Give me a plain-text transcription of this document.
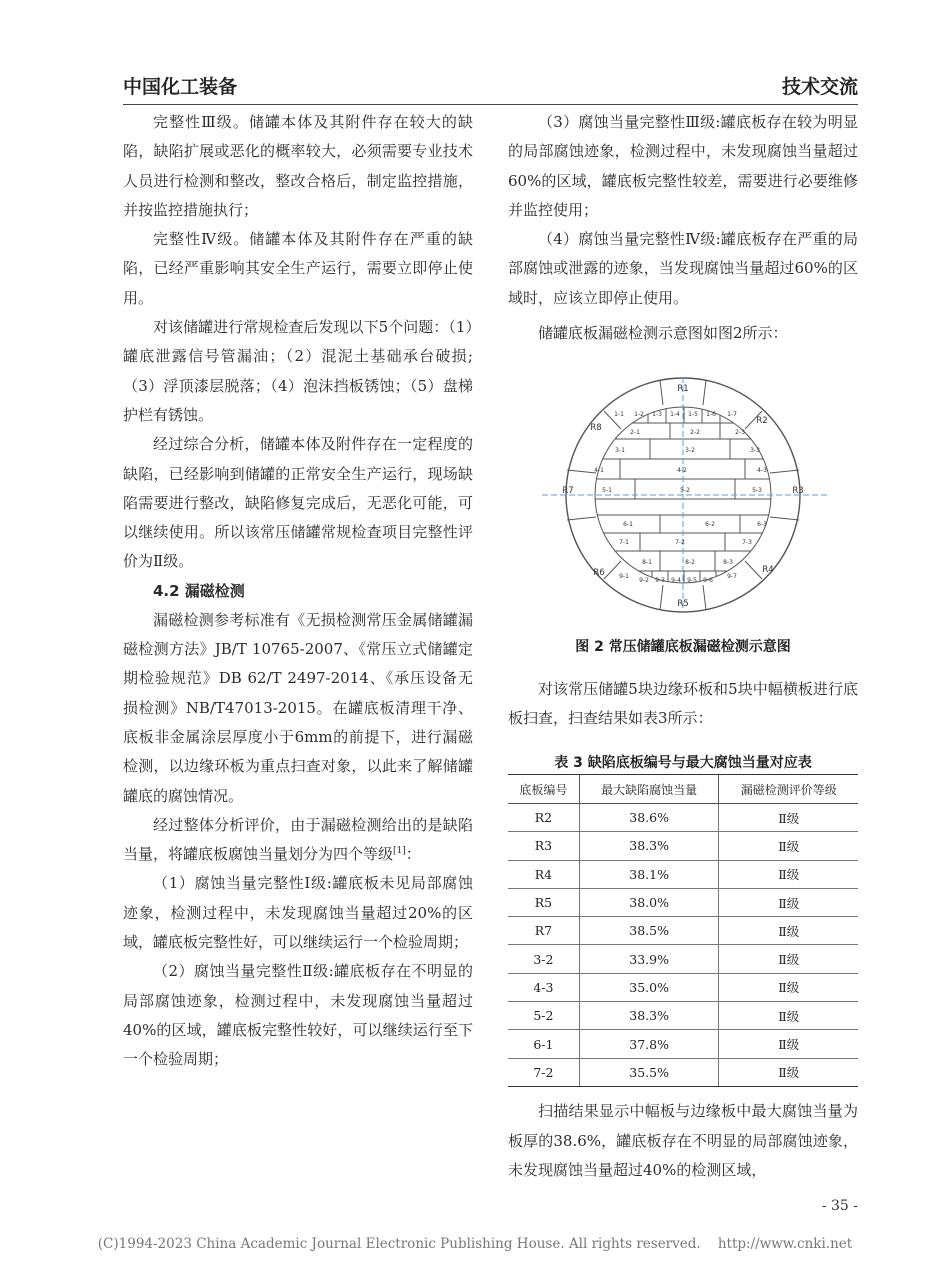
中国化工装备	技术交流

完整性Ⅲ级。储罐本体及其附件存在较大的缺陷，缺陷扩展或恶化的概率较大，必须需要专业技术人员进行检测和整改，整改合格后，制定监控措施，并按监控措施执行；

完整性Ⅳ级。储罐本体及其附件存在严重的缺陷，已经严重影响其安全生产运行，需要立即停止使用。

对该储罐进行常规检查后发现以下5个问题：（1）罐底泄露信号管漏油；（2）混泥土基础承台破损;（3）浮顶漆层脱落；（4）泡沫挡板锈蚀；（5）盘梯护栏有锈蚀。

经过综合分析，储罐本体及附件存在一定程度的缺陷，已经影响到储罐的正常安全生产运行，现场缺陷需要进行整改，缺陷修复完成后，无恶化可能，可以继续使用。所以该常压储罐常规检查项目完整性评价为Ⅱ级。

4.2 漏磁检测

漏磁检测参考标准有《无损检测常压金属储罐漏磁检测方法》JB/T 10765-2007、《常压立式储罐定期检验规范》DB 62/T 2497-2014、《承压设备无损检测》NB/T47013-2015。在罐底板清理干净、底板非金属涂层厚度小于6mm的前提下，进行漏磁检测，以边缘环板为重点扫查对象，以此来了解储罐罐底的腐蚀情况。

经过整体分析评价，由于漏磁检测给出的是缺陷当量，将罐底板腐蚀当量划分为四个等级[1]：

（1）腐蚀当量完整性Ⅰ级:罐底板未见局部腐蚀迹象，检测过程中，未发现腐蚀当量超过20%的区域，罐底板完整性好，可以继续运行一个检验周期；

（2）腐蚀当量完整性Ⅱ级:罐底板存在不明显的局部腐蚀迹象，检测过程中，未发现腐蚀当量超过40%的区域，罐底板完整性较好，可以继续运行至下一个检验周期；

（3）腐蚀当量完整性Ⅲ级:罐底板存在较为明显的局部腐蚀迹象，检测过程中，未发现腐蚀当量超过60%的区域，罐底板完整性较差，需要进行必要维修并监控使用；

（4）腐蚀当量完整性Ⅳ级:罐底板存在严重的局部腐蚀或泄露的迹象，当发现腐蚀当量超过60%的区域时，应该立即停止使用。

储罐底板漏磁检测示意图如图2所示：

R1
R2
R3
R4
R5
R6
R7
R8
1-1 1-2 1-3 1-4 1-5 1-6 1-7
2-1	2-2	2-3
3-1	3-2	3-3
4-1	4-2	4-3
5-1	5-2	5-3
6-1	6-2	6-3
7-1	7-2	7-3
8-1	8-2	8-3
9-1
9-2 9-3 9-4 9-5 9-6
9-7
图 2 常压储罐底板漏磁检测示意图

对该常压储罐5块边缘环板和5块中幅横板进行底板扫查，扫查结果如表3所示：

表 3 缺陷底板编号与最大腐蚀当量对应表
底板编号	最大缺陷腐蚀当量	漏磁检测评价等级
R2	38.6%	Ⅱ级
R3	38.3%	Ⅱ级
R4	38.1%	Ⅱ级
R5	38.0%	Ⅱ级
R7	38.5%	Ⅱ级
3-2	33.9%	Ⅱ级
4-3	35.0%	Ⅱ级
5-2	38.3%	Ⅱ级
6-1	37.8%	Ⅱ级
7-2	35.5%	Ⅱ级

扫描结果显示中幅板与边缘板中最大腐蚀当量为板厚的38.6%，罐底板存在不明显的局部腐蚀迹象，未发现腐蚀当量超过40%的检测区域，

- 35 -
(C)1994-2023 China Academic Journal Electronic Publishing House. All rights reserved.    http://www.cnki.net
